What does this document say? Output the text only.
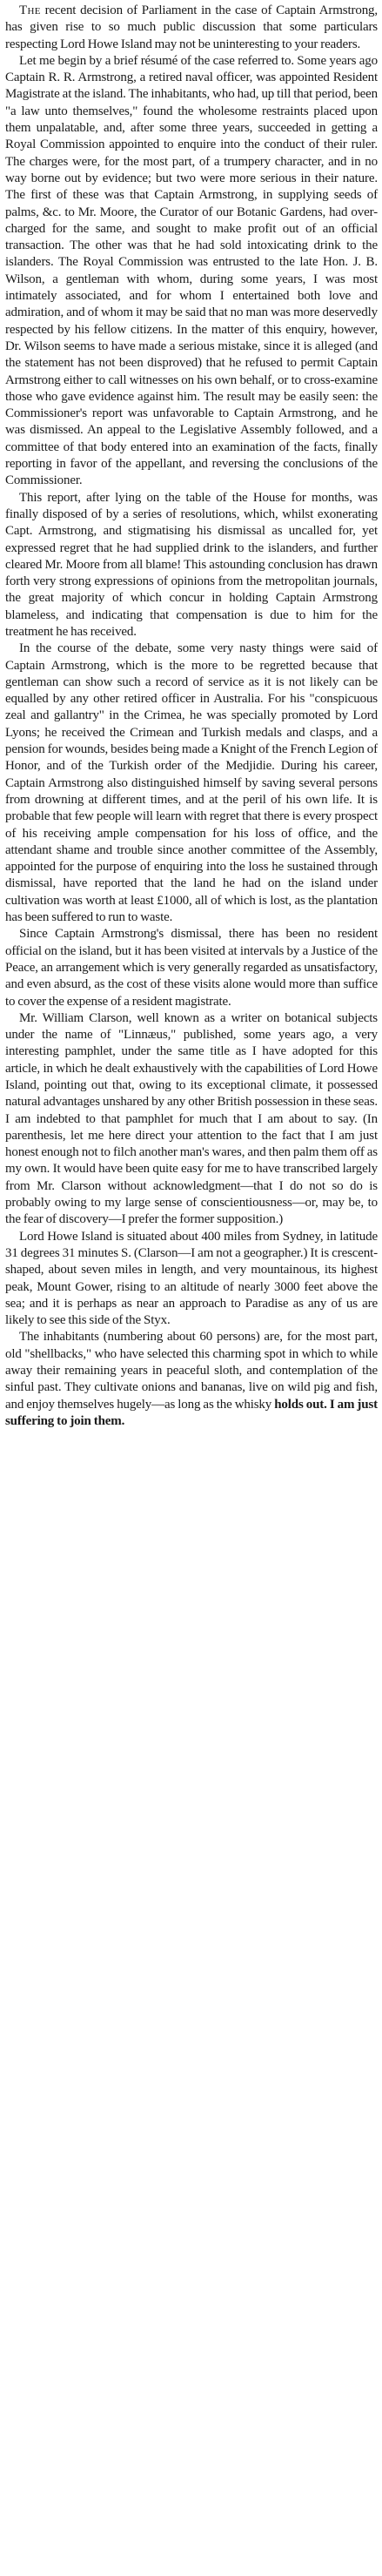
The recent decision of Parliament in the case of Captain Armstrong, has given rise to so much public discussion that some particulars respecting Lord Howe Island may not be uninteresting to your readers.

Let me begin by a brief résumé of the case referred to. Some years ago Captain R. R. Armstrong, a retired naval officer, was appointed Resident Magistrate at the island. The inhabitants, who had, up till that period, been "a law unto themselves," found the wholesome restraints placed upon them unpalatable, and, after some three years, succeeded in getting a Royal Commission appointed to enquire into the conduct of their ruler. The charges were, for the most part, of a trumpery character, and in no way borne out by evidence; but two were more serious in their nature. The first of these was that Captain Armstrong, in supplying seeds of palms, &c. to Mr. Moore, the Curator of our Botanic Gardens, had over-charged for the same, and sought to make profit out of an official transaction. The other was that he had sold intoxicating drink to the islanders. The Royal Commission was entrusted to the late Hon. J. B. Wilson, a gentleman with whom, during some years, I was most intimately associated, and for whom I entertained both love and admiration, and of whom it may be said that no man was more deservedly respected by his fellow citizens. In the matter of this enquiry, however, Dr. Wilson seems to have made a serious mistake, since it is alleged (and the statement has not been disproved) that he refused to permit Captain Armstrong either to call witnesses on his own behalf, or to cross-examine those who gave evidence against him. The result may be easily seen: the Commissioner's report was unfavorable to Captain Armstrong, and he was dismissed. An appeal to the Legislative Assembly followed, and a committee of that body entered into an examination of the facts, finally reporting in favor of the appellant, and reversing the conclusions of the Commissioner.

This report, after lying on the table of the House for months, was finally disposed of by a series of resolutions, which, whilst exonerating Capt. Armstrong, and stigmatising his dismissal as uncalled for, yet expressed regret that he had supplied drink to the islanders, and further cleared Mr. Moore from all blame! This astounding conclusion has drawn forth very strong expressions of opinions from the metropolitan journals, the great majority of which concur in holding Captain Armstrong blameless, and indicating that compensation is due to him for the treatment he has received.

In the course of the debate, some very nasty things were said of Captain Armstrong, which is the more to be regretted because that gentleman can show such a record of service as it is not likely can be equalled by any other retired officer in Australia. For his "conspicuous zeal and gallantry" in the Crimea, he was specially promoted by Lord Lyons; he received the Crimean and Turkish medals and clasps, and a pension for wounds, besides being made a Knight of the French Legion of Honor, and of the Turkish order of the Medjidie. During his career, Captain Armstrong also distinguished himself by saving several persons from drowning at different times, and at the peril of his own life. It is probable that few people will learn with regret that there is every prospect of his receiving ample compensation for his loss of office, and the attendant shame and trouble since another committee of the Assembly, appointed for the purpose of enquiring into the loss he sustained through dismissal, have reported that the land he had on the island under cultivation was worth at least £1000, all of which is lost, as the plantation has been suffered to run to waste.

Since Captain Armstrong's dismissal, there has been no resident official on the island, but it has been visited at intervals by a Justice of the Peace, an arrangement which is very generally regarded as unsatisfactory, and even absurd, as the cost of these visits alone would more than suffice to cover the expense of a resident magistrate.

Mr. William Clarson, well known as a writer on botanical subjects under the name of "Linnæus," published, some years ago, a very interesting pamphlet, under the same title as I have adopted for this article, in which he dealt exhaustively with the capabilities of Lord Howe Island, pointing out that, owing to its exceptional climate, it possessed natural advantages unshared by any other British possession in these seas. I am indebted to that pamphlet for much that I am about to say. (In parenthesis, let me here direct your attention to the fact that I am just honest enough not to filch another man's wares, and then palm them off as my own. It would have been quite easy for me to have transcribed largely from Mr. Clarson without acknowledgment—that I do not so do is probably owing to my large sense of conscientiousness—or, may be, to the fear of discovery—I prefer the former supposition.)

Lord Howe Island is situated about 400 miles from Sydney, in latitude 31 degrees 31 minutes S. (Clarson—I am not a geographer.) It is crescent-shaped, about seven miles in length, and very mountainous, its highest peak, Mount Gower, rising to an altitude of nearly 3000 feet above the sea; and it is perhaps as near an approach to Paradise as any of us are likely to see this side of the Styx.

The inhabitants (numbering about 60 persons) are, for the most part, old "shellbacks," who have selected this charming spot in which to while away their remaining years in peaceful sloth, and contemplation of the sinful past. They cultivate onions and bananas, live on wild pig and fish, and enjoy themselves hugely—as long as the whisky holds out. I am just suffering to join them.
